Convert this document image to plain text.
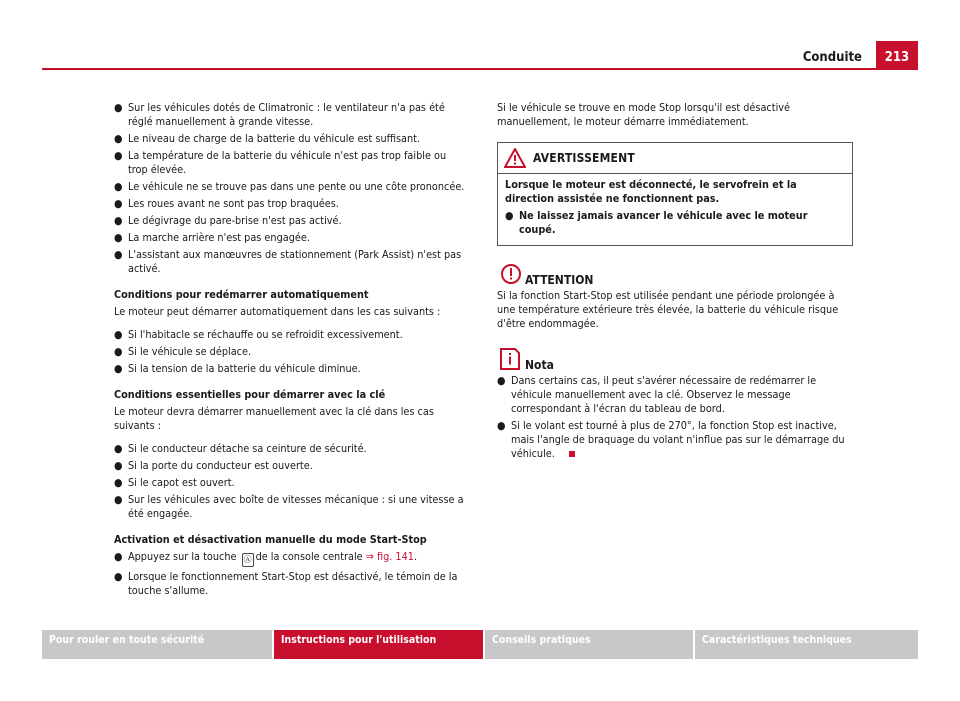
Conduite	213
● Sur les véhicules dotés de Climatronic : le ventilateur n'a pas été réglé manuellement à grande vitesse.
● Le niveau de charge de la batterie du véhicule est suffisant.
● La température de la batterie du véhicule n'est pas trop faible ou trop élevée.
● Le véhicule ne se trouve pas dans une pente ou une côte prononcée.
● Les roues avant ne sont pas trop braquées.
● Le dégivrage du pare-brise n'est pas activé.
● La marche arrière n'est pas engagée.
● L'assistant aux manœuvres de stationnement (Park Assist) n'est pas activé.
Conditions pour redémarrer automatiquement
Le moteur peut démarrer automatiquement dans les cas suivants :
● Si l'habitacle se réchauffe ou se refroidit excessivement.
● Si le véhicule se déplace.
● Si la tension de la batterie du véhicule diminue.
Conditions essentielles pour démarrer avec la clé
Le moteur devra démarrer manuellement avec la clé dans les cas suivants :
● Si le conducteur détache sa ceinture de sécurité.
● Si la porte du conducteur est ouverte.
● Si le capot est ouvert.
● Sur les véhicules avec boîte de vitesses mécanique : si une vitesse a été engagée.
Activation et désactivation manuelle du mode Start-Stop
● Appuyez sur la touche Ⓐ de la console centrale ⇒ fig. 141.
● Lorsque le fonctionnement Start-Stop est désactivé, le témoin de la touche s'allume.
Si le véhicule se trouve en mode Stop lorsqu'il est désactivé manuellement, le moteur démarre immédiatement.
AVERTISSEMENT
Lorsque le moteur est déconnecté, le servofrein et la direction assistée ne fonctionnent pas.
● Ne laissez jamais avancer le véhicule avec le moteur coupé.
ATTENTION
Si la fonction Start-Stop est utilisée pendant une période prolongée à une température extérieure très élevée, la batterie du véhicule risque d'être endommagée.
Nota
● Dans certains cas, il peut s'avérer nécessaire de redémarrer le véhicule manuellement avec la clé. Observez le message correspondant à l'écran du tableau de bord.
● Si le volant est tourné à plus de 270°, la fonction Stop est inactive, mais l'angle de braquage du volant n'influe pas sur le démarrage du véhicule.
Pour rouler en toute sécurité	Instructions pour l'utilisation	Conseils pratiques	Caractéristiques techniques
